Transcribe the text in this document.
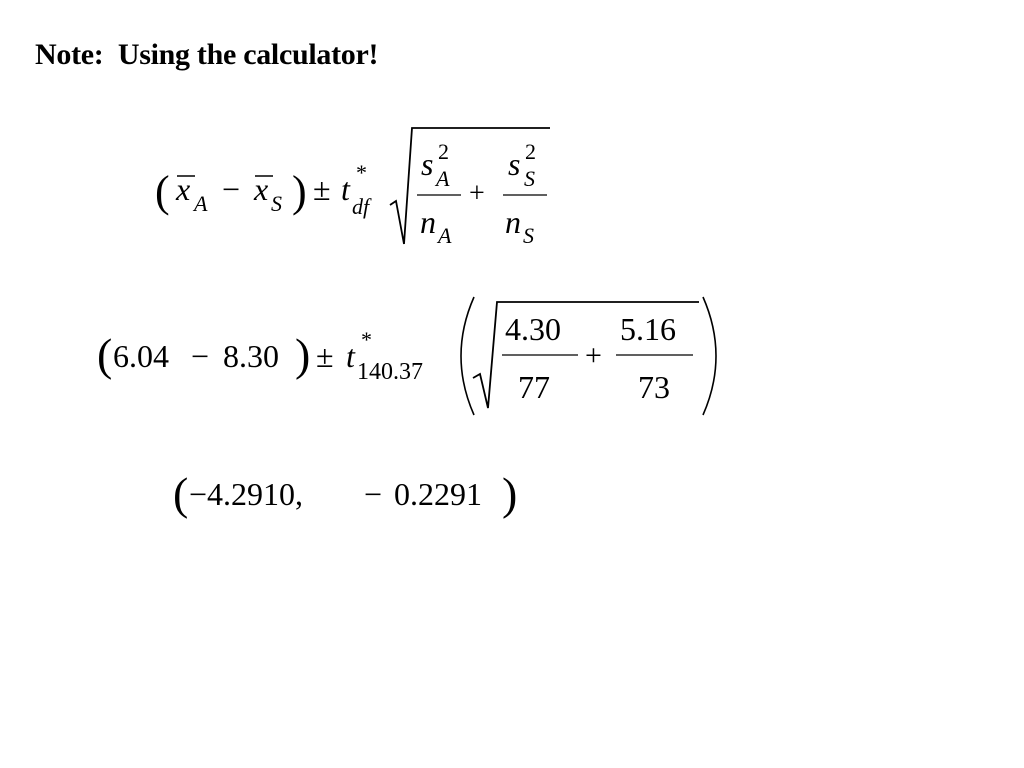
Note:  Using the calculator!
( x A − x S ) ± t *
df
s 2
A
n A
+
s 2
S
n S
( 6.04 − 8.30 ) ± t *
140.37
4.30
77
+
5.16
73
( −4.2910, − 0.2291 )
